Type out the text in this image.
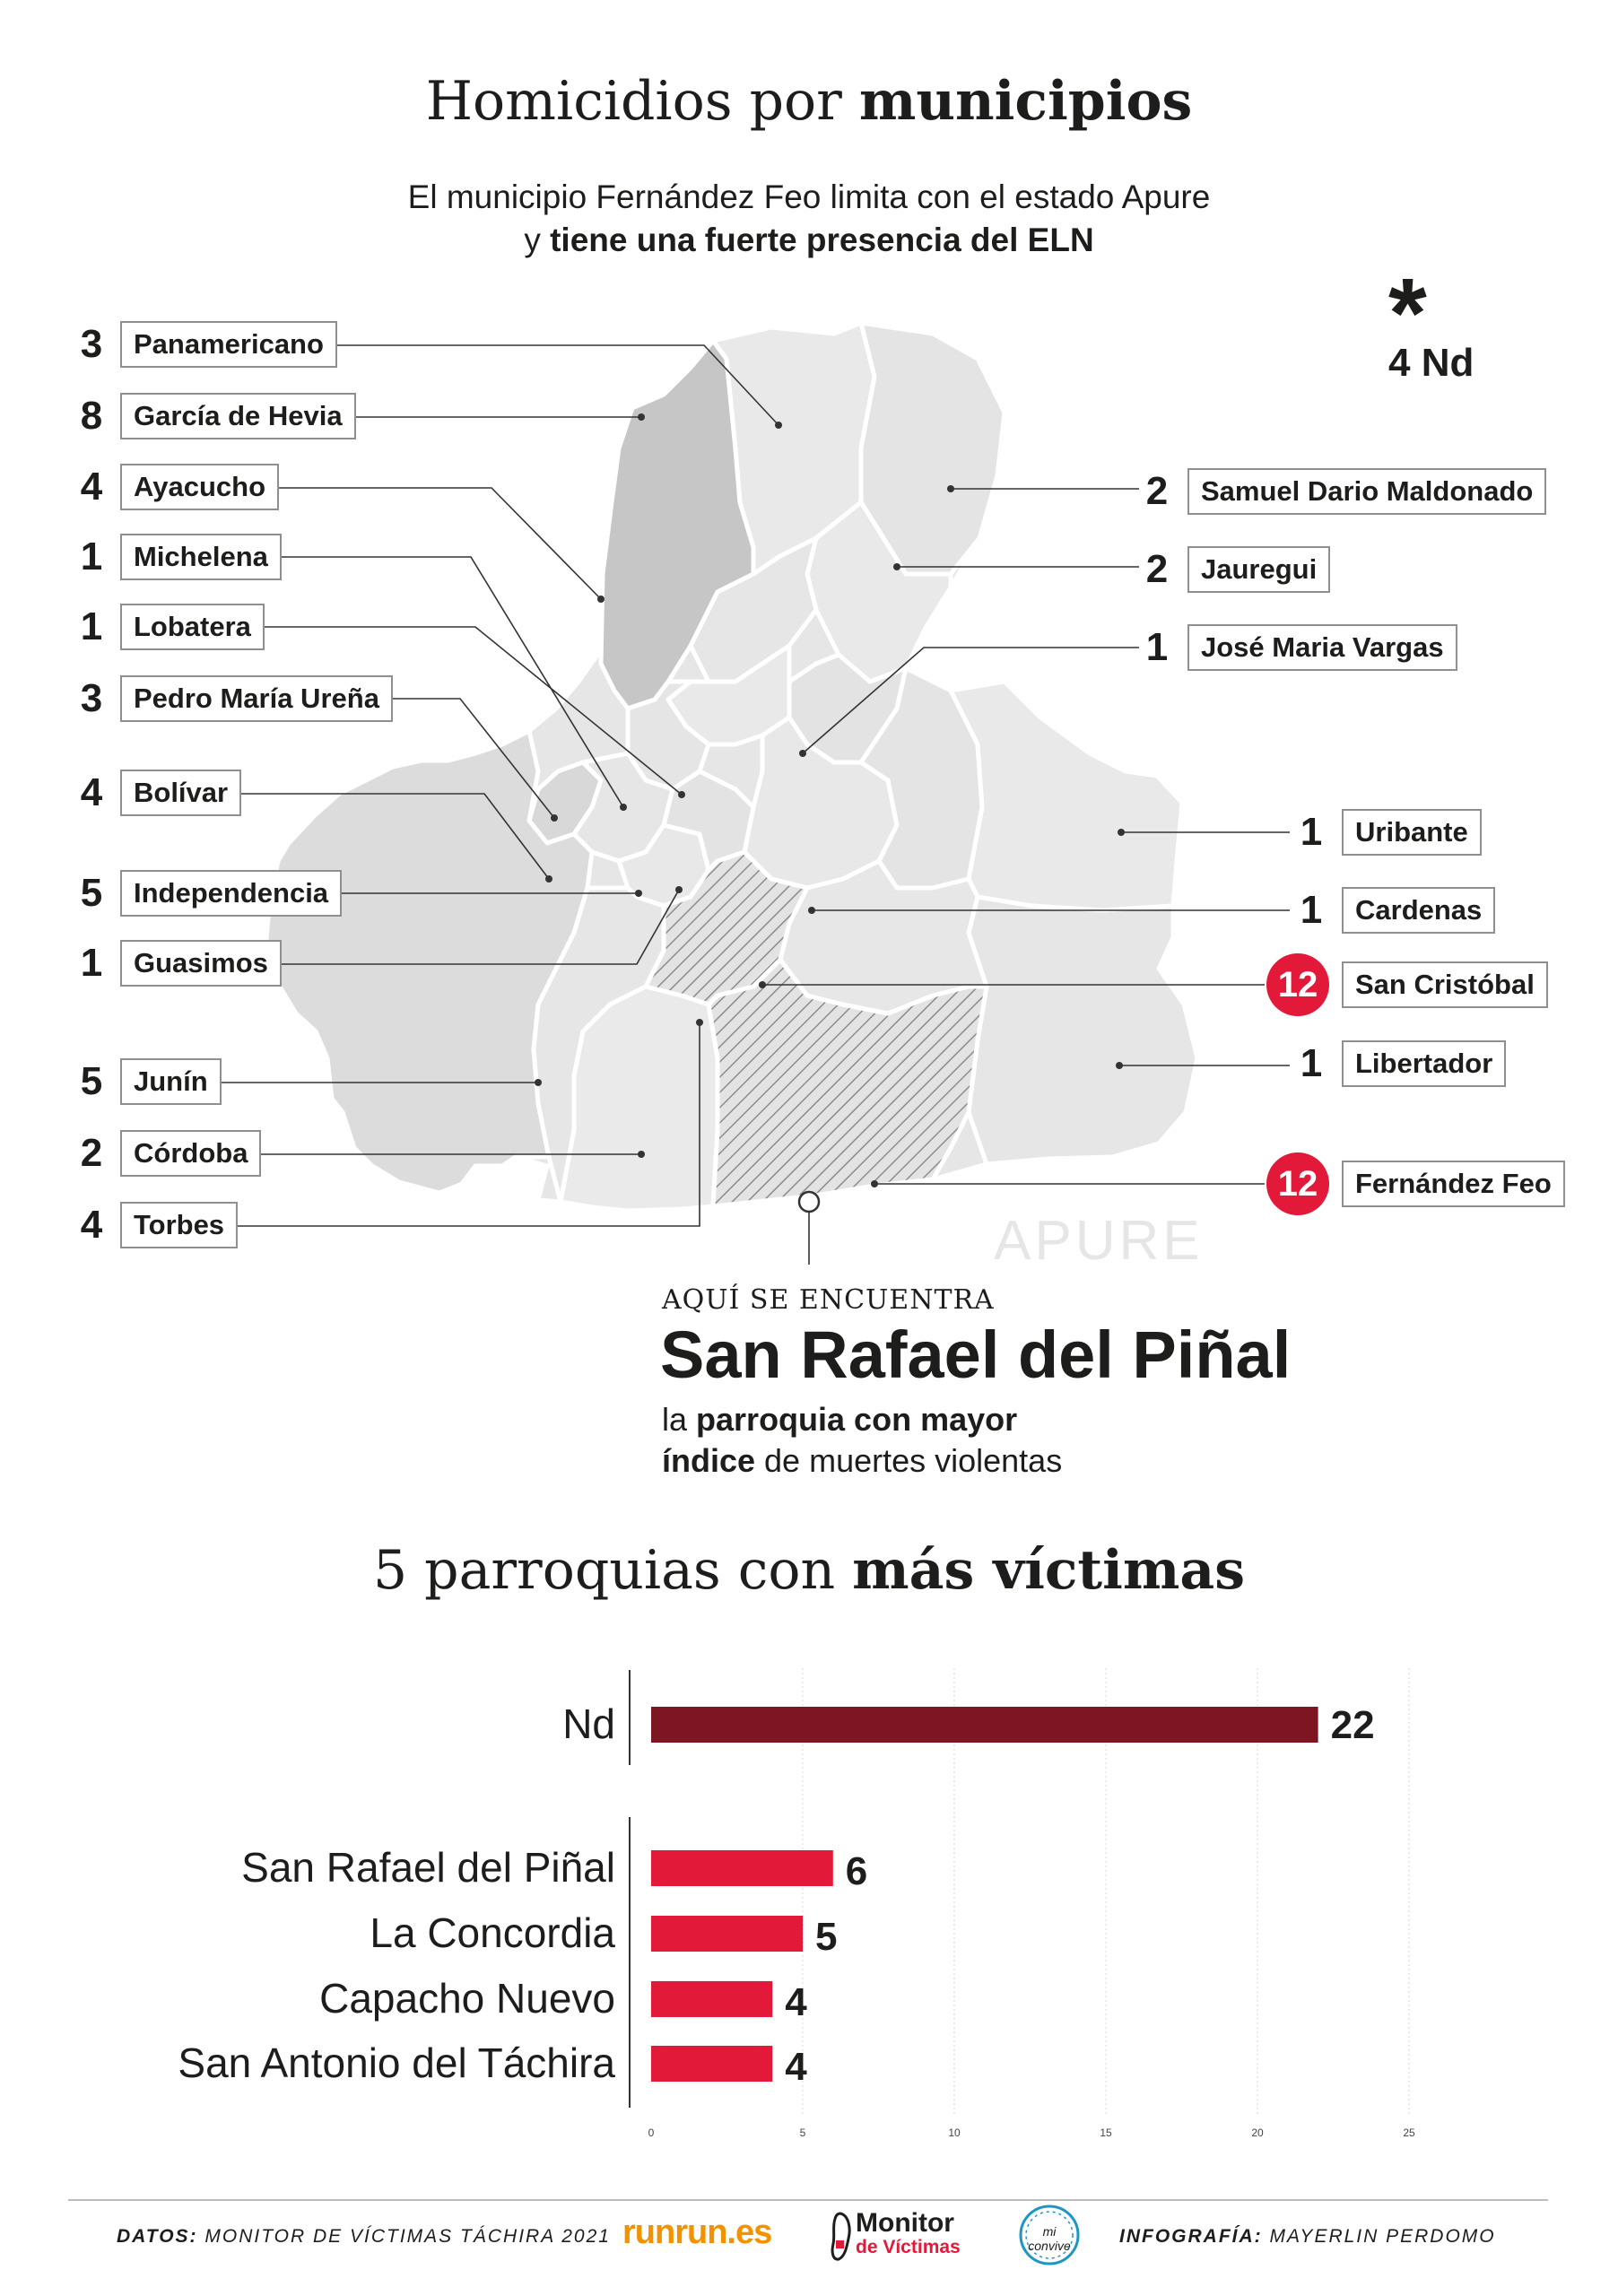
Homicidios por municipios
El municipio Fernández Feo limita con el estado Apure
y tiene una fuerte presencia del ELN
3	Panamericano
8	García de Hevia
4	Ayacucho
1	Michelena
1	Lobatera
3	Pedro María Ureña
4	Bolívar
5	Independencia
1	Guasimos
5	Junín
2	Córdoba
4	Torbes
2	Samuel Dario Maldonado
2	Jauregui
1	José Maria Vargas
1	Uribante
1	Cardenas
12	San Cristóbal
1	Libertador
12	Fernández Feo
*
4 Nd
APURE
AQUÍ SE ENCUENTRA
San Rafael del Piñal
la parroquia con mayor
índice de muertes violentas
5 parroquias con más víctimas
0	5	10	15	20	25
Nd	22
San Rafael del Piñal	6
La Concordia	5
Capacho Nuevo	4
San Antonio del Táchira	4
DATOS: MONITOR DE VÍCTIMAS TÁCHIRA 2021 runrun.es	Monitor
de Víctimas
mi convive	INFOGRAFÍA: MAYERLIN PERDOMO
